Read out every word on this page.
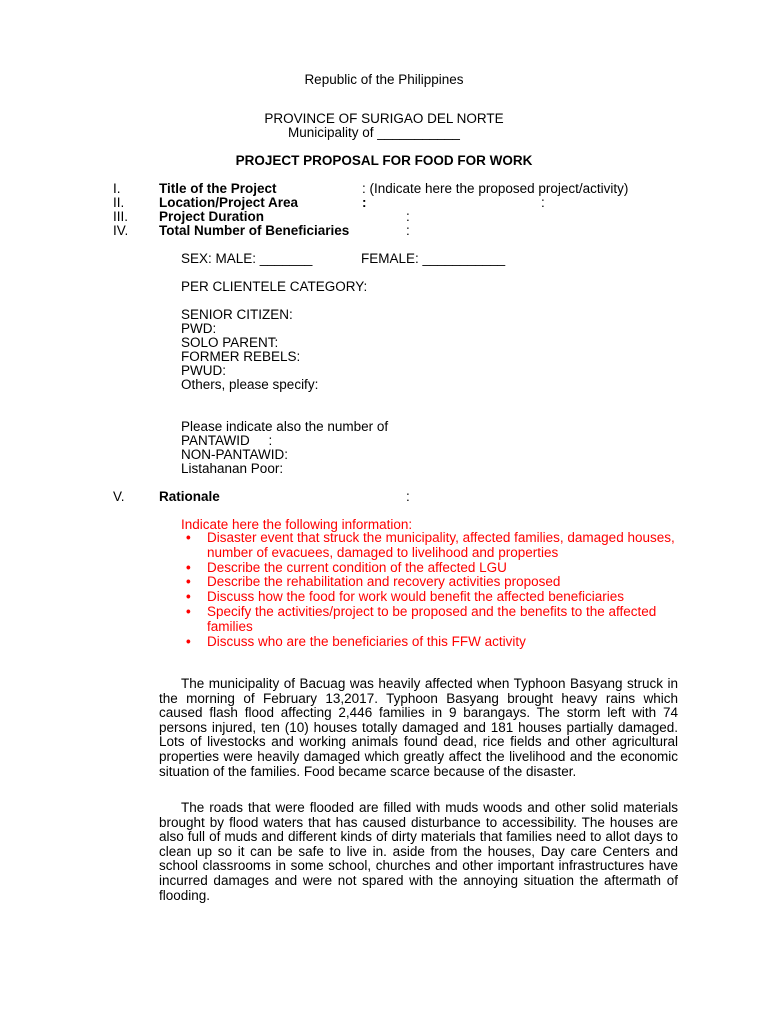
Republic of the Philippines
PROVINCE OF SURIGAO DEL NORTE
Municipality of ___________
PROJECT PROPOSAL FOR FOOD FOR WORK
I.	Title of the Project	: (Indicate here the proposed project/activity)
II.	Location/Project Area	:	:
III. Project Duration	:
IV. Total Number of Beneficiaries	:
SEX: MALE: _______	FEMALE: ___________
PER CLIENTELE CATEGORY:
SENIOR CITIZEN:
PWD:
SOLO PARENT:
FORMER REBELS:
PWUD:
Others, please specify:
Please indicate also the number of
PANTAWID     :
NON-PANTAWID:
Listahanan Poor:
V.	Rationale	:
Indicate here the following information:
• Disaster event that struck the municipality, affected families, damaged houses, number of evacuees, damaged to livelihood and properties
• Describe the current condition of the affected LGU
• Describe the rehabilitation and recovery activities proposed
• Discuss how the food for work would benefit the affected beneficiaries
• Specify the activities/project to be proposed and the benefits to the affected families
• Discuss who are the beneficiaries of this FFW activity
The municipality of Bacuag was heavily affected when Typhoon Basyang struck in the morning of February 13,2017. Typhoon Basyang brought heavy rains which caused flash flood affecting 2,446 families in 9 barangays. The storm left with 74 persons injured, ten (10) houses totally damaged and 181 houses partially damaged. Lots of livestocks and working animals found dead, rice fields and other agricultural properties were heavily damaged which greatly affect the livelihood and the economic situation of the families. Food became scarce because of the disaster.
The roads that were flooded are filled with muds woods and other solid materials brought by flood waters that has caused disturbance to accessibility. The houses are also full of muds and different kinds of dirty materials that families need to allot days to clean up so it can be safe to live in. aside from the houses, Day care Centers and school classrooms in some school, churches and other important infrastructures have incurred damages and were not spared with the annoying situation the aftermath of flooding.
